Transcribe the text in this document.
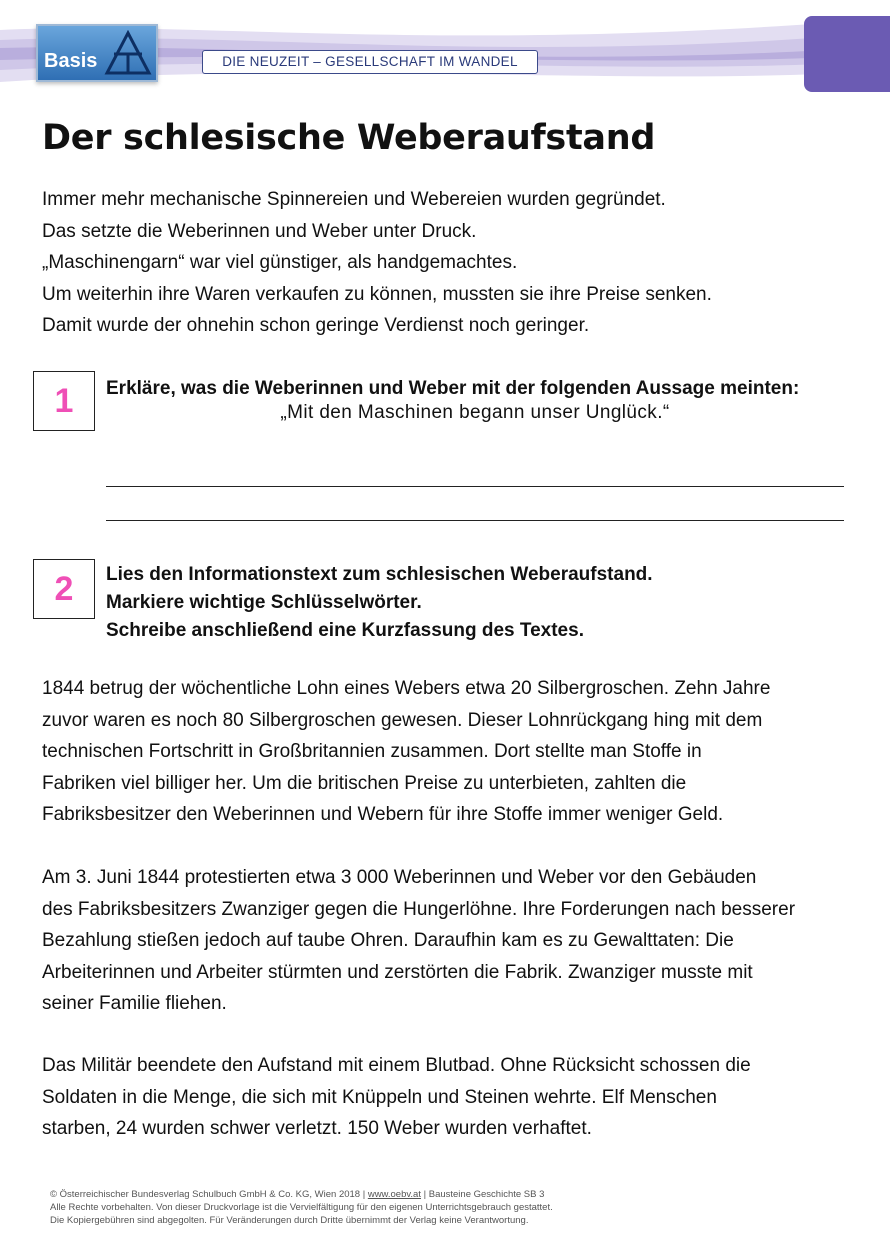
Basis	DIE NEUZEIT – GESELLSCHAFT IM WANDEL
Der schlesische Weberaufstand

Immer mehr mechanische Spinnereien und Webereien wurden gegründet.

Das setzte die Weberinnen und Weber unter Druck.

„Maschinengarn“ war viel günstiger, als handgemachtes.

Um weiterhin ihre Waren verkaufen zu können, mussten sie ihre Preise senken.

Damit wurde der ohnehin schon geringe Verdienst noch geringer.

1	Erkläre, was die Weberinnen und Weber mit der folgenden Aussage meinten:

„Mit den Maschinen begann unser Unglück.“
2	Lies den Informationstext zum schlesischen Weberaufstand.

Markiere wichtige Schlüsselwörter.

Schreibe anschließend eine Kurzfassung des Textes.

1844 betrug der wöchentliche Lohn eines Webers etwa 20 Silbergroschen. Zehn Jahre

zuvor waren es noch 80 Silbergroschen gewesen. Dieser Lohnrückgang hing mit dem

technischen Fortschritt in Großbritannien zusammen. Dort stellte man Stoffe in

Fabriken viel billiger her. Um die britischen Preise zu unterbieten, zahlten die

Fabriksbesitzer den Weberinnen und Webern für ihre Stoffe immer weniger Geld.

Am 3. Juni 1844 protestierten etwa 3 000 Weberinnen und Weber vor den Gebäuden

des Fabriksbesitzers Zwanziger gegen die Hungerlöhne. Ihre Forderungen nach besserer

Bezahlung stießen jedoch auf taube Ohren. Daraufhin kam es zu Gewalttaten: Die

Arbeiterinnen und Arbeiter stürmten und zerstörten die Fabrik. Zwanziger musste mit

seiner Familie fliehen.

Das Militär beendete den Aufstand mit einem Blutbad. Ohne Rücksicht schossen die

Soldaten in die Menge, die sich mit Knüppeln und Steinen wehrte. Elf Menschen

starben, 24 wurden schwer verletzt. 150 Weber wurden verhaftet.

© Österreichischer Bundesverlag Schulbuch GmbH & Co. KG, Wien 2018 | www.oebv.at | Bausteine Geschichte SB 3
Alle Rechte vorbehalten. Von dieser Druckvorlage ist die Vervielfältigung für den eigenen Unterrichtsgebrauch gestattet.
Die Kopiergebühren sind abgegolten. Für Veränderungen durch Dritte übernimmt der Verlag keine Verantwortung.
